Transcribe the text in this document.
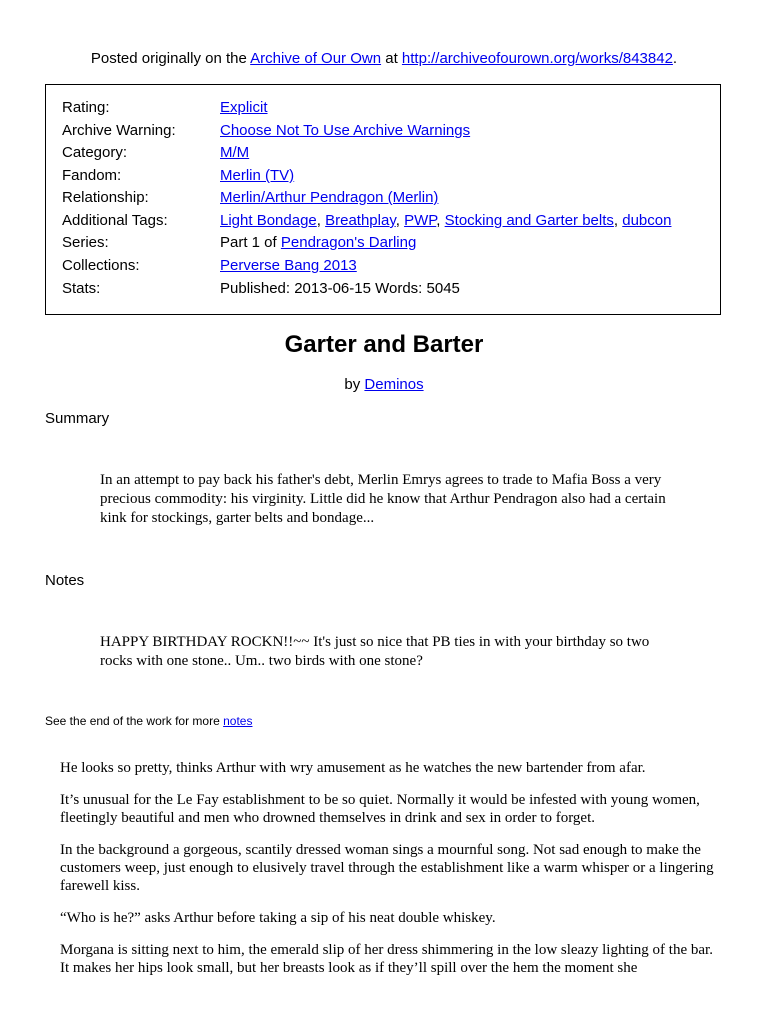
Posted originally on the Archive of Our Own at http://archiveofourown.org/works/843842.
Rating:	Explicit
Archive Warning:	Choose Not To Use Archive Warnings
Category:	M/M
Fandom:	Merlin (TV)
Relationship:	Merlin/Arthur Pendragon (Merlin)
Additional Tags:	Light Bondage, Breathplay, PWP, Stocking and Garter belts, dubcon
Series:	Part 1 of Pendragon's Darling
Collections:	Perverse Bang 2013
Stats:	Published: 2013-06-15 Words: 5045
Garter and Barter
by Deminos
Summary
In an attempt to pay back his father's debt, Merlin Emrys agrees to trade to Mafia Boss a very precious commodity: his virginity. Little did he know that Arthur Pendragon also had a certain kink for stockings, garter belts and bondage...
Notes
HAPPY BIRTHDAY ROCKN!!~~ It's just so nice that PB ties in with your birthday so two rocks with one stone.. Um.. two birds with one stone?
See the end of the work for more notes

He looks so pretty, thinks Arthur with wry amusement as he watches the new bartender from afar.

It’s unusual for the Le Fay establishment to be so quiet. Normally it would be infested with young women, fleetingly beautiful and men who drowned themselves in drink and sex in order to forget.

In the background a gorgeous, scantily dressed woman sings a mournful song. Not sad enough to make the customers weep, just enough to elusively travel through the establishment like a warm whisper or a lingering farewell kiss.

“Who is he?” asks Arthur before taking a sip of his neat double whiskey.

Morgana is sitting next to him, the emerald slip of her dress shimmering in the low sleazy lighting of the bar. It makes her hips look small, but her breasts look as if they’ll spill over the hem the moment she
